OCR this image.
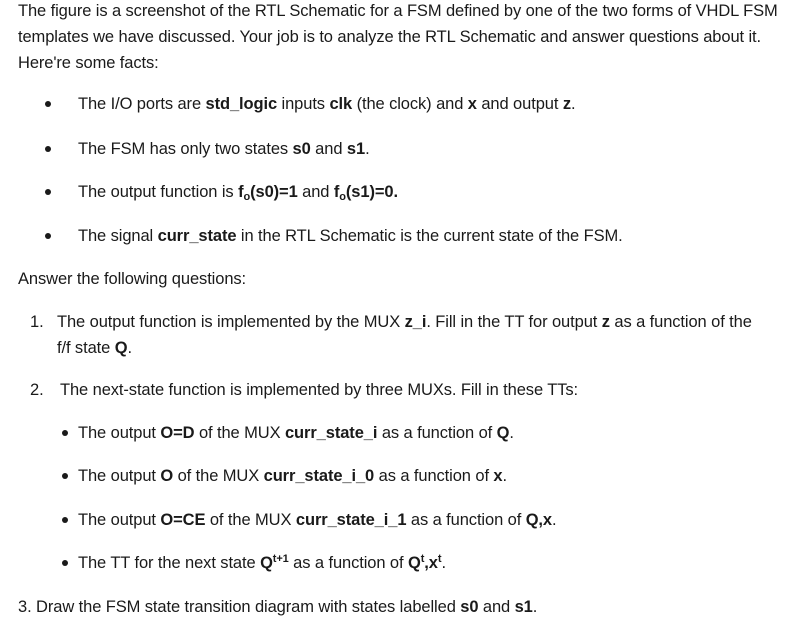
The figure is a screenshot of the RTL Schematic for a FSM defined by one of the two forms of VHDL FSM
templates we have discussed. Your job is to analyze the RTL Schematic and answer questions about it.
Here're some facts:
The I/O ports are std_logic inputs clk (the clock) and x and output z.
The FSM has only two states s0 and s1.
The output function is $f_o(s0)=1$ and $f_o(s1)=0$.
The signal curr_state in the RTL Schematic is the current state of the FSM.
Answer the following questions:
1. The output function is implemented by the MUX z_i. Fill in the TT for output z as a function of the
f/f state Q.
2. The next-state function is implemented by three MUXs. Fill in these TTs:
The output O=D of the MUX curr_state_i as a function of Q.
The output O of the MUX curr_state_i_0 as a function of x.
The output O=CE of the MUX curr_state_i_1 as a function of Q,x.
The TT for the next state $Q^{t+1}$ as a function of $Q^t,x^t$.
3. Draw the FSM state transition diagram with states labelled s0 and s1.
